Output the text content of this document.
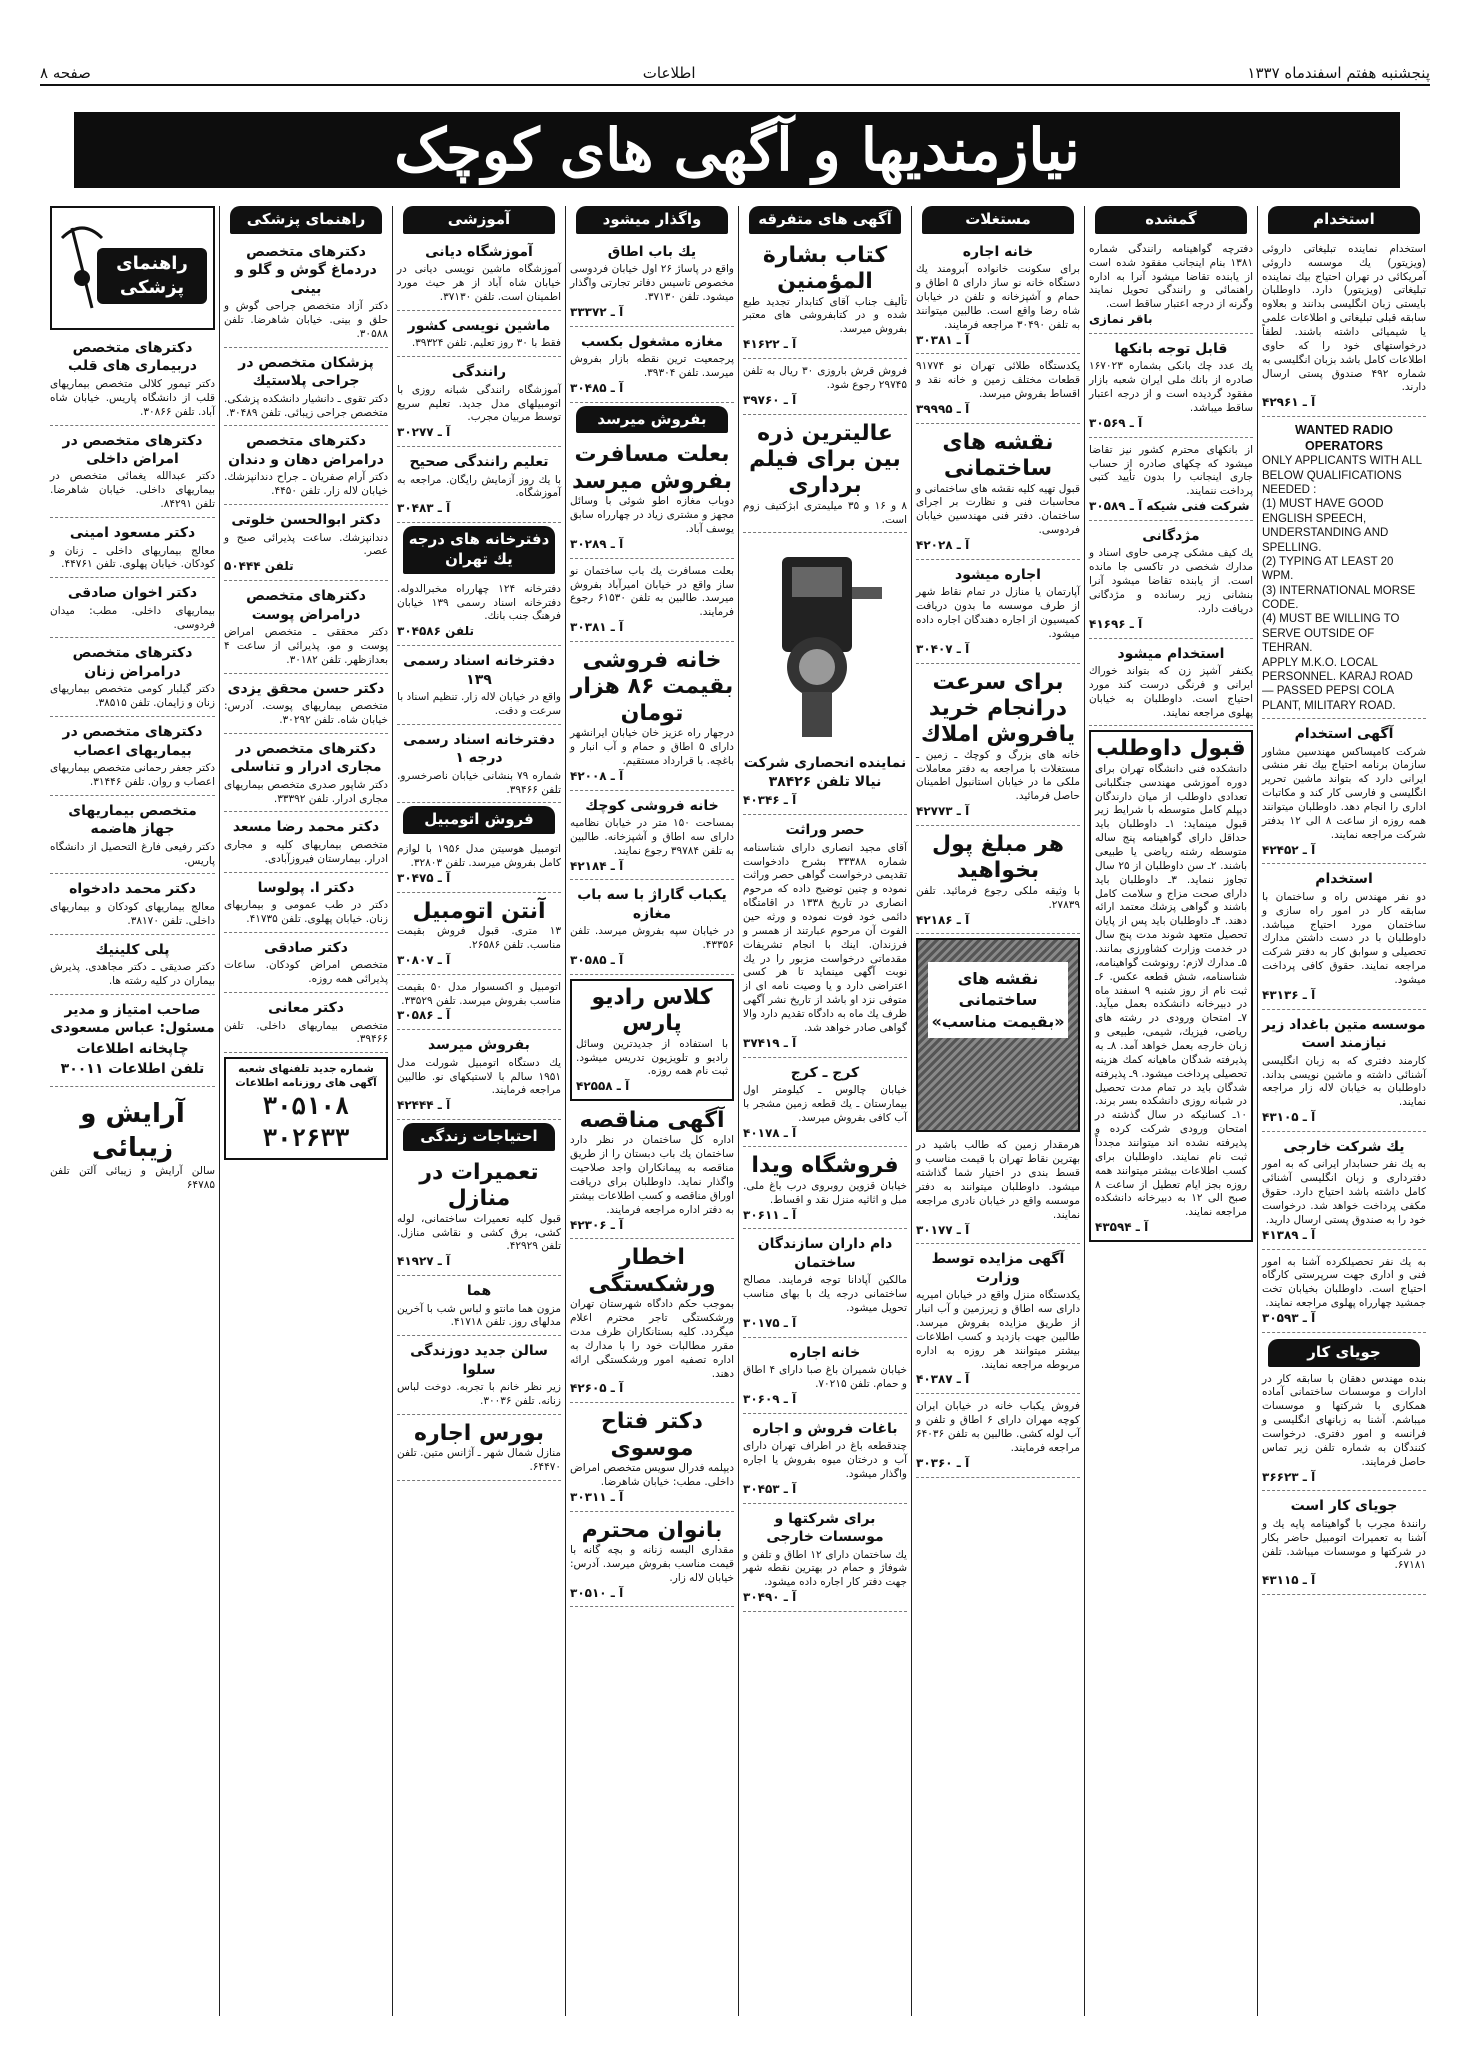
پنجشنبه هفتم اسفندماه ۱۳۳۷
اطلاعات
صفحه ۸
نیازمندیها و آگهی های کوچک
استخدام
استخدام نماینده تبلیغاتی داروئی (ویزیتور) یك موسسه داروئی آمریكائی در تهران احتیاج بیك نماینده تبلیغاتی (ویزیتور) دارد. داوطلبان بایستی زبان انگلیسی بدانند و بعلاوه سابقه قبلی تبلیغاتی و اطلاعات علمی یا شیمیائی داشته باشند. لطفاً درخواستهای خود را كه حاوی اطلاعات كامل باشد بزبان انگلیسی به شماره ۴۹۲ صندوق پستی ارسال دارند.
آ ـ ۴۲۹۶۱
WANTED RADIO OPERATORS
ONLY APPLICANTS WITH ALL BELOW QUALIFICATIONS NEEDED :
(1) MUST HAVE GOOD ENGLISH SPEECH, UNDERSTANDING AND SPELLING.
(2) TYPING AT LEAST 20 WPM.
(3) INTERNATIONAL MORSE CODE.
(4) MUST BE WILLING TO SERVE OUTSIDE OF TEHRAN.
APPLY M.K.O. LOCAL PERSONNEL. KARAJ ROAD — PASSED PEPSI COLA PLANT, MILITARY ROAD.
آگهی استخدام
شركت كامپساكس مهندسین مشاور سازمان برنامه احتیاج بیك نفر منشی ایرانی دارد كه بتواند ماشین تحریر انگلیسی و فارسی كار كند و مكاتبات اداری را انجام دهد. داوطلبان میتوانند همه روزه از ساعت ۸ الی ۱۲ بدفتر شركت مراجعه نمایند.
آ ـ ۴۲۴۵۲
استخدام
دو نفر مهندس راه و ساختمان با سابقه كار در امور راه سازی و ساختمان مورد احتیاج میباشد. داوطلبان با در دست داشتن مدارك تحصیلی و سوابق كار به دفتر شركت مراجعه نمایند. حقوق كافی پرداخت میشود.
آ ـ ۴۳۱۳۶
موسسه متین باغداد زیر نیازمند است
كارمند دفتری كه به زبان انگلیسی آشنائی داشته و ماشین نویسی بداند. داوطلبان به خیابان لاله زار مراجعه نمایند.
آ ـ ۴۳۱۰۵
یك شركت خارجی
به یك نفر حسابدار ایرانی كه به امور دفترداری و زبان انگلیسی آشنائی كامل داشته باشد احتیاج دارد. حقوق مكفی پرداخت خواهد شد. درخواست خود را به صندوق پستی ارسال دارید.
آ ـ ۴۱۳۸۹
به یك نفر تحصیلكرده آشنا به امور فنی و اداری جهت سرپرستی كارگاه احتیاج است. داوطلبان بخیابان تخت جمشید چهارراه پهلوی مراجعه نمایند.
آ ـ ۳۰۵۹۳
جویای كار
بنده مهندس دهقان با سابقه كار در ادارات و موسسات ساختمانی آماده همكاری با شركتها و موسسات میباشم. آشنا به زبانهای انگلیسی و فرانسه و امور دفتری. درخواست كنندگان به شماره تلفن زیر تماس حاصل فرمایند.
آ ـ ۳۶۶۲۳
جویای كار است
رانندهٔ مجرب با گواهینامه پایه یك و آشنا به تعمیرات اتومبیل حاضر بكار در شركتها و موسسات میباشد. تلفن ۶۷۱۸۱.
آ ـ ۴۳۱۱۵
گمشده
دفترچه گواهینامه رانندگی شماره ۱۳۸۱ بنام اینجانب مفقود شده است از یابنده تقاضا میشود آنرا به اداره راهنمائی و رانندگی تحویل نمایند وگرنه از درجه اعتبار ساقط است.
باقر نمازی
قابل توجه بانكها
یك عدد چك بانكی بشماره ۱۶۷۰۲۳ صادره از بانك ملی ایران شعبه بازار مفقود گردیده است و از درجه اعتبار ساقط میباشد.
آ ـ ۳۰۵۶۹
از بانكهای محترم كشور نیز تقاضا میشود كه چكهای صادره از حساب جاری اینجانب را بدون تأیید كتبی پرداخت ننمایند.
شركت فنی شیكه آ ـ ۳۰۵۸۹
مژدگانی
یك كیف مشكی چرمی حاوی اسناد و مدارك شخصی در تاكسی جا مانده است. از یابنده تقاضا میشود آنرا بنشانی زیر رسانده و مژدگانی دریافت دارد.
آ ـ ۴۱۶۹۶
استخدام میشود
یكنفر آشپز زن كه بتواند خوراك ایرانی و فرنگی درست كند مورد احتیاج است. داوطلبان به خیابان پهلوی مراجعه نمایند.
قبول داوطلب
دانشكده فنی دانشگاه تهران برای دوره آموزشی مهندسی جنگلبانی تعدادی داوطلب از میان دارندگان دیپلم كامل متوسطه با شرایط زیر قبول مینماید: ۱ـ داوطلبان باید حداقل دارای گواهینامه پنج ساله متوسطه رشته ریاضی یا طبیعی باشند. ۲ـ سن داوطلبان از ۲۵ سال تجاوز ننماید. ۳ـ داوطلبان باید دارای صحت مزاج و سلامت كامل باشند و گواهی پزشك معتمد ارائه دهند. ۴ـ داوطلبان باید پس از پایان تحصیل متعهد شوند مدت پنج سال در خدمت وزارت كشاورزی بمانند. ۵ـ مدارك لازم: رونوشت گواهینامه، شناسنامه، شش قطعه عكس. ۶ـ ثبت نام از روز شنبه ۹ اسفند ماه در دبیرخانه دانشكده بعمل میآید. ۷ـ امتحان ورودی در رشته های ریاضی، فیزیك، شیمی، طبیعی و زبان خارجه بعمل خواهد آمد. ۸ـ به پذیرفته شدگان ماهیانه كمك هزینه تحصیلی پرداخت میشود. ۹ـ پذیرفته شدگان باید در تمام مدت تحصیل در شبانه روزی دانشكده بسر برند. ۱۰ـ كسانیكه در سال گذشته در امتحان ورودی شركت كرده و پذیرفته نشده اند میتوانند مجدداً ثبت نام نمایند. داوطلبان برای كسب اطلاعات بیشتر میتوانند همه روزه بجز ایام تعطیل از ساعت ۸ صبح الی ۱۲ به دبیرخانه دانشكده مراجعه نمایند.
آ ـ ۴۳۵۹۴
مستغلات
خانه اجاره
برای سكونت خانواده آبرومند یك دستگاه خانه نو ساز دارای ۵ اطاق و حمام و آشپزخانه و تلفن در خیابان شاه رضا واقع است. طالبین میتوانند به تلفن ۳۰۴۹۰ مراجعه فرمایند.
آ ـ ۳۰۳۸۱
یكدستگاه طلائی تهران نو ۹۱۷۷۴ قطعات مختلف زمین و خانه نقد و اقساط بفروش میرسد.
آ ـ ۳۹۹۹۵
نقشه های ساختمانی
قبول تهیه كلیه نقشه های ساختمانی و محاسبات فنی و نظارت بر اجرای ساختمان. دفتر فنی مهندسین خیابان فردوسی.
آ ـ ۴۲۰۲۸
اجاره میشود
آپارتمان یا منازل در تمام نقاط شهر از طرف موسسه ما بدون دریافت كمیسیون از اجاره دهندگان اجاره داده میشود.
آ ـ ۳۰۴۰۷
برای سرعت درانجام خرید یافروش املاك
خانه های بزرگ و كوچك ـ زمین ـ مستغلات با مراجعه به دفتر معاملات ملكی ما در خیابان استانبول اطمینان حاصل فرمائید.
آ ـ ۴۲۷۷۳
هر مبلغ پول بخواهید
با وثیقه ملكی رجوع فرمائید. تلفن ۲۷۸۳۹.
آ ـ ۴۲۱۸۶
نقشه های ساختمانی «بقیمت مناسب»
هرمقدار زمین كه طالب باشید در بهترین نقاط تهران با قیمت مناسب و قسط بندی در اختیار شما گذاشته میشود. داوطلبان میتوانند به دفتر موسسه واقع در خیابان نادری مراجعه نمایند.
آ ـ ۳۰۱۷۷
آگهی مزایده توسط وزارت
یكدستگاه منزل واقع در خیابان امیریه دارای سه اطاق و زیرزمین و آب انبار از طریق مزایده بفروش میرسد. طالبین جهت بازدید و كسب اطلاعات بیشتر میتوانند هر روزه به اداره مربوطه مراجعه نمایند.
آ ـ ۴۰۳۸۷
فروش یكباب خانه در خیابان ایران كوچه مهران دارای ۶ اطاق و تلفن و آب لوله كشی. طالبین به تلفن ۶۴۰۳۶ مراجعه فرمایند.
آ ـ ۳۰۳۶۰
آگهی های متفرقه
كتاب بشارة المؤمنین
تألیف جناب آقای كتابدار تجدید طبع شده و در كتابفروشی های معتبر بفروش میرسد.
آ ـ ۴۱۶۲۲
فروش قرش باروزی ۳۰ ریال به تلفن ۲۹۷۴۵ رجوع شود.
آ ـ ۳۹۷۶۰
عالیترین ذره بین برای فیلم برداری
۸ و ۱۶ و ۳۵ میلیمتری ابژكتیف زوم است.
نماینده انحصاری شركت نیالا تلفن ۳۸۴۲۶
آ ـ ۴۰۳۴۶
حصر وراثت
آقای مجید انصاری دارای شناسنامه شماره ۳۳۳۸۸ بشرح دادخواست تقدیمی درخواست گواهی حصر وراثت نموده و چنین توضیح داده كه مرحوم انصاری در تاریخ ۱۳۳۸ در اقامتگاه دائمی خود فوت نموده و ورثه حین الفوت آن مرحوم عبارتند از همسر و فرزندان. اینك با انجام تشریفات مقدماتی درخواست مزبور را در یك نوبت آگهی مینماید تا هر كسی اعتراضی دارد و یا وصیت نامه ای از متوفی نزد او باشد از تاریخ نشر آگهی ظرف یك ماه به دادگاه تقدیم دارد والا گواهی صادر خواهد شد.
آ ـ ۳۷۴۱۹
كرج ـ كرج
خیابان چالوس ـ كیلومتر اول بیمارستان ـ یك قطعه زمین مشجر با آب كافی بفروش میرسد.
آ ـ ۴۰۱۷۸
فروشگاه ویدا
خیابان قزوین روبروی درب باغ ملی. مبل و اثاثیه منزل نقد و اقساط.
آ ـ ۳۰۶۱۱
دام داران سازندگان ساختمان
مالكین آپادانا توجه فرمایند. مصالح ساختمانی درجه یك با بهای مناسب تحویل میشود.
آ ـ ۳۰۱۷۵
خانه اجاره
خیابان شمیران باغ صبا دارای ۴ اطاق و حمام. تلفن ۷۰۲۱۵.
آ ـ ۳۰۶۰۹
باغات فروش و اجاره
چندقطعه باغ در اطراف تهران دارای آب و درختان میوه بفروش یا اجاره واگذار میشود.
آ ـ ۳۰۴۵۳
برای شركتها و موسسات خارجی
یك ساختمان دارای ۱۲ اطاق و تلفن و شوفاژ و حمام در بهترین نقطه شهر جهت دفتر كار اجاره داده میشود.
آ ـ ۳۰۴۹۰
واگذار میشود
یك باب اطاق
واقع در پاساژ ۲۶ اول خیابان فردوسی مخصوص تاسیس دفاتر تجارتی واگذار میشود. تلفن ۳۷۱۳۰.
آ ـ ۳۳۳۷۲
مغازه مشغول بكسب
پرجمعیت ترین نقطه بازار بفروش میرسد. تلفن ۳۹۳۰۴.
آ ـ ۳۰۴۸۵
بفروش میرسد
بعلت مسافرت بفروش میرسد
دوباب مغازه اطو شوئی با وسائل مجهز و مشتری زیاد در چهارراه سابق یوسف آباد.
آ ـ ۳۰۲۸۹
بعلت مسافرت یك باب ساختمان نو ساز واقع در خیابان امیرآباد بفروش میرسد. طالبین به تلفن ۶۱۵۳۰ رجوع فرمایند.
آ ـ ۳۰۳۸۱
خانه فروشی بقیمت ۸۶ هزار تومان
درجهار راه عزیز خان خیابان ایرانشهر دارای ۵ اطاق و حمام و آب انبار و باغچه. با قرارداد مستقیم.
آ ـ ۴۲۰۰۸
خانه فروشی كوچك
بمساحت ۱۵۰ متر در خیابان نظامیه دارای سه اطاق و آشپزخانه. طالبین به تلفن ۳۹۷۸۴ رجوع نمایند.
آ ـ ۴۲۱۸۴
یكباب گاراژ با سه باب مغازه
در خیابان سپه بفروش میرسد. تلفن ۴۳۳۵۶.
آ ـ ۳۰۵۸۵
كلاس رادیو پارس
با استفاده از جدیدترین وسائل رادیو و تلویزیون تدریس میشود. ثبت نام همه روزه.
آ ـ ۴۲۵۵۸
آگهی مناقصه
اداره كل ساختمان در نظر دارد ساختمان یك باب دبستان را از طریق مناقصه به پیمانكاران واجد صلاحیت واگذار نماید. داوطلبان برای دریافت اوراق مناقصه و كسب اطلاعات بیشتر به دفتر اداره مراجعه فرمایند.
آ ـ ۴۲۳۰۶
اخطار ورشكستگی
بموجب حكم دادگاه شهرستان تهران ورشكستگی تاجر محترم اعلام میگردد. كلیه بستانكاران ظرف مدت مقرر مطالبات خود را با مدارك به اداره تصفیه امور ورشكستگی ارائه دهند.
آ ـ ۴۲۶۰۵
دكتر فتاح موسوی
دیپلمه فدرال سویس متخصص امراض داخلی. مطب: خیابان شاهرضا.
آ ـ ۳۰۳۱۱
بانوان محترم
مقداری البسه زنانه و بچه گانه با قیمت مناسب بفروش میرسد. آدرس: خیابان لاله زار.
آ ـ ۳۰۵۱۰
آموزشی
آموزشگاه دیانی
آموزشگاه ماشین نویسی دیانی در خیابان شاه آباد از هر حیث مورد اطمینان است. تلفن ۳۷۱۳۰.
ماشین نویسی كشور
فقط با ۳۰ روز تعلیم. تلفن ۳۹۳۲۴.
رانندگی
آموزشگاه رانندگی شبانه روزی با اتومبیلهای مدل جدید. تعلیم سریع توسط مربیان مجرب.
آ ـ ۳۰۲۷۷
تعلیم رانندگی صحیح
با یك روز آزمایش رایگان. مراجعه به آموزشگاه.
آ ـ ۳۰۴۸۳
دفترخانه های درجه یك تهران
دفترخانه ۱۲۴ چهارراه مخبرالدوله. دفترخانه اسناد رسمی ۱۳۹ خیابان فرهنگ جنب بانك.
تلفن ۳۰۴۵۸۶
دفترخانه اسناد رسمی ۱۳۹
واقع در خیابان لاله زار. تنظیم اسناد با سرعت و دقت.
دفترخانه اسناد رسمی درجه ۱
شماره ۷۹ بنشانی خیابان ناصرخسرو. تلفن ۳۹۴۶۶.
فروش اتومبیل
اتومبیل هوسیتن مدل ۱۹۵۶ با لوازم كامل بفروش میرسد. تلفن ۳۲۸۰۳.
آ ـ ۳۰۴۷۵
آنتن اتومبیل
۱۳ متری. قبول فروش بقیمت مناسب. تلفن ۲۶۵۸۶.
آ ـ ۳۰۸۰۷
اتومبیل و اكسسوار مدل ۵۰ بقیمت مناسب بفروش میرسد. تلفن ۳۳۵۲۹.
آ ـ ۳۰۵۸۶
بفروش میرسد
یك دستگاه اتومبیل شورلت مدل ۱۹۵۱ سالم با لاستیكهای نو. طالبین مراجعه فرمایند.
آ ـ ۴۲۴۴۴
احتیاجات زندگی
تعمیرات در منازل
قبول كلیه تعمیرات ساختمانی، لوله كشی، برق كشی و نقاشی منازل. تلفن ۴۲۹۲۹.
آ ـ ۴۱۹۲۷
هما
مزون هما مانتو و لباس شب با آخرین مدلهای روز. تلفن ۴۱۷۱۸.
سالن جدید دوزندگی سلوا
زیر نظر خانم با تجربه. دوخت لباس زنانه. تلفن ۳۰۰۳۶.
بورس اجاره
منازل شمال شهر ـ آژانس متین. تلفن ۶۴۴۷۰.
راهنمای پزشكی
دكترهای متخصص دردماغ گوش و گلو و بینی
دكتر آزاد متخصص جراحی گوش و حلق و بینی. خیابان شاهرضا. تلفن ۳۰۵۸۸.
پزشكان متخصص در جراحی پلاستیك
دكتر تقوی ـ دانشیار دانشكده پزشكی. متخصص جراحی زیبائی. تلفن ۳۰۴۸۹.
دكترهای متخصص درامراض دهان و دندان
دكتر آرام صفریان ـ جراح دندانپزشك. خیابان لاله زار. تلفن ۴۴۵۰.
دكتر ابوالحسن خلوتی
دندانپزشك. ساعت پذیرائی صبح و عصر.
تلفن ۵۰۴۴۴
دكترهای متخصص درامراض پوست
دكتر محققی ـ متخصص امراض پوست و مو. پذیرائی از ساعت ۴ بعدازظهر. تلفن ۳۰۱۸۲.
دكتر حسن محقق یزدی
متخصص بیماریهای پوست. آدرس: خیابان شاه. تلفن ۳۰۲۹۲.
دكترهای متخصص در مجاری ادرار و تناسلی
دكتر شاپور صدری متخصص بیماریهای مجاری ادرار. تلفن ۳۳۳۹۲.
دكتر محمد رضا مسعد
متخصص بیماریهای كلیه و مجاری ادرار. بیمارستان فیروزآبادی.
دكتر ا. پولوسا
دكتر در طب عمومی و بیماریهای زنان. خیابان پهلوی. تلفن ۴۱۷۳۵.
دكتر صادقی
متخصص امراض كودكان. ساعات پذیرائی همه روزه.
دكتر معانی
متخصص بیماریهای داخلی. تلفن ۳۹۴۶۶.
شماره جدید تلفنهای شعبه آگهی های روزنامه اطلاعات
۳۰۵۱۰۸
۳۰۲۶۳۳
راهنمای پزشكی
دكترهای متخصص دربیماری های قلب
دكتر تیمور كلالی متخصص بیماریهای قلب از دانشگاه پاریس. خیابان شاه آباد. تلفن ۳۰۸۶۶.
دكترهای متخصص در امراض داخلی
دكتر عبدالله یغمائی متخصص در بیماریهای داخلی. خیابان شاهرضا. تلفن ۸۴۲۹۱.
دكتر مسعود امینی
معالج بیماریهای داخلی ـ زنان و كودكان. خیابان پهلوی. تلفن ۴۴۷۶۱.
دكتر اخوان صادقی
بیماریهای داخلی. مطب: میدان فردوسی.
دكترهای متخصص درامراض زنان
دكتر گیلبار كومی متخصص بیماریهای زنان و زایمان. تلفن ۳۸۵۱۵.
دكترهای متخصص در بیماریهای اعصاب
دكتر جعفر رحمانی متخصص بیماریهای اعصاب و روان. تلفن ۳۱۴۴۶.
متخصص بیماریهای جهاز هاضمه
دكتر رفیعی فارغ التحصیل از دانشگاه پاریس.
دكتر محمد دادخواه
معالج بیماریهای كودكان و بیماریهای داخلی. تلفن ۳۸۱۷۰.
پلی كلینیك
دكتر صدیقی ـ دكتر مجاهدی. پذیرش بیماران در كلیه رشته ها.
صاحب امتیاز و مدیر مسئول: عباس مسعودی
چاپخانه اطلاعات
تلفن اطلاعات ۳۰۰۱۱
آرایش و زیبائی
سالن آرایش و زیبائی آلتن تلفن ۶۴۷۸۵
